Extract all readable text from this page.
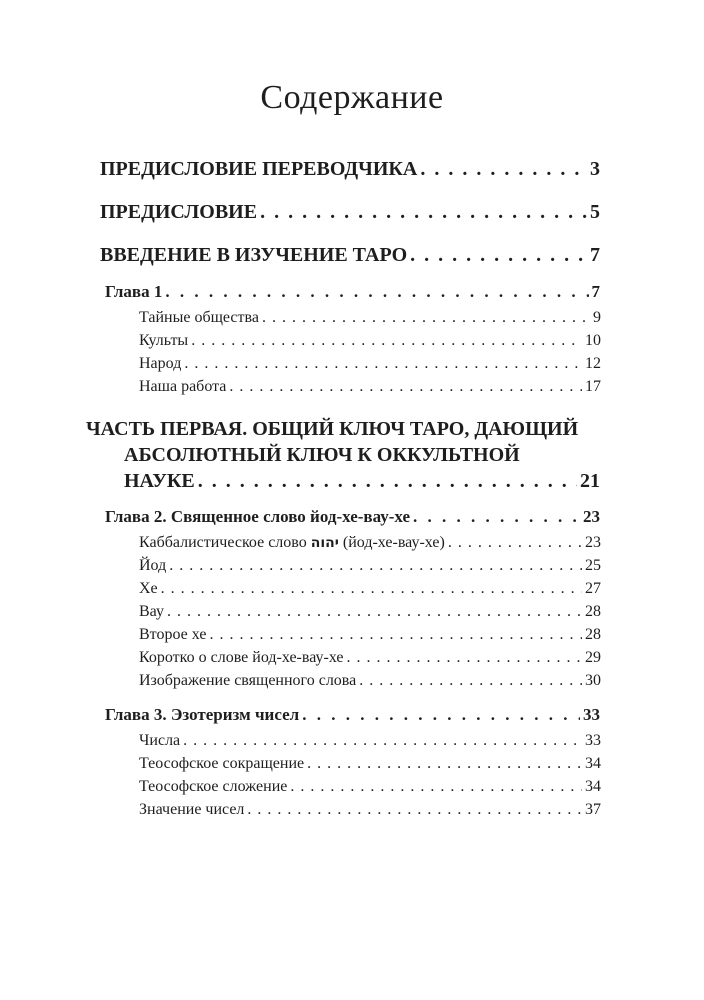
Содержание
ПРЕДИСЛОВИЕ ПЕРЕВОДЧИКА . . .	3
ПРЕДИСЛОВИЕ . . .	5
ВВЕДЕНИЕ В ИЗУЧЕНИЕ ТАРО . . .	7
Глава 1 . . .	7
Тайные общества . . .	9
Культы . . .	10
Народ . . .	12
Наша работа . . .	17
ЧАСТЬ ПЕРВАЯ. ОБЩИЙ КЛЮЧ ТАРО, ДАЮЩИЙ
АБСОЛЮТНЫЙ КЛЮЧ К ОККУЛЬТНОЙ
НАУКЕ . . .	21
Глава 2. Священное слово йод-хе-вау-хе . . .	23
Каббалистическое слово יהוה (йод-хе-вау-хе) . . .	23
Йод . . .	25
Хе . . .	27
Вау . . .	28
Второе хе . . .	28
Коротко о слове йод-хе-вау-хе . . .	29
Изображение священного слова . . .	30
Глава 3. Эзотеризм чисел . . .	33
Числа . . .	33
Теософское сокращение . . .	34
Теософское сложение . . .	34
Значение чисел . . .	37
